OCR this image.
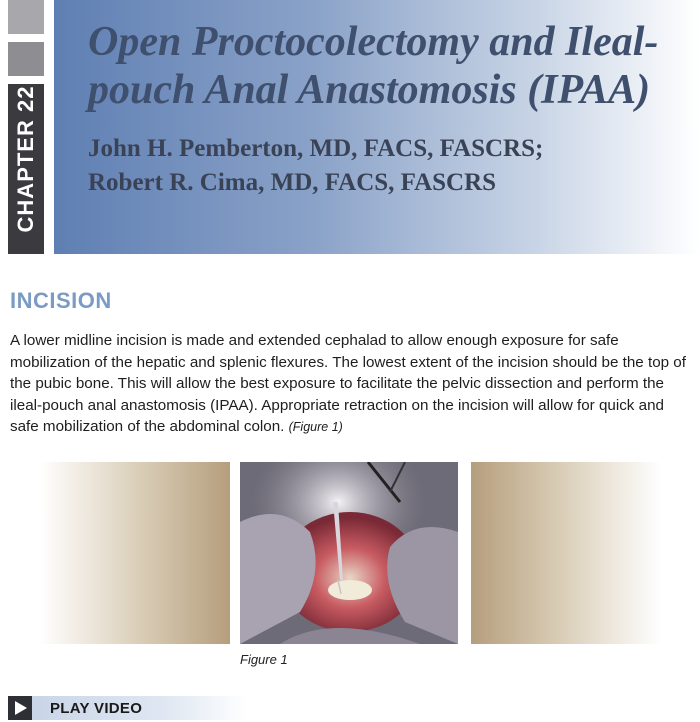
CHAPTER 22
Open Proctocolectomy and Ileal-pouch Anal Anastomosis (IPAA)
John H. Pemberton, MD, FACS, FASCRS;
Robert R. Cima, MD, FACS, FASCRS
INCISION

A lower midline incision is made and extended cephalad to allow enough exposure for safe mobilization of the hepatic and splenic flexures. The lowest extent of the incision should be the top of the pubic bone. This will allow the best exposure to facilitate the pelvic dissection and perform the ileal-pouch anal anastomosis (IPAA). Appropriate retraction on the incision will allow for quick and safe mobilization of the abdominal colon. (Figure 1)

Figure 1
PLAY VIDEO
